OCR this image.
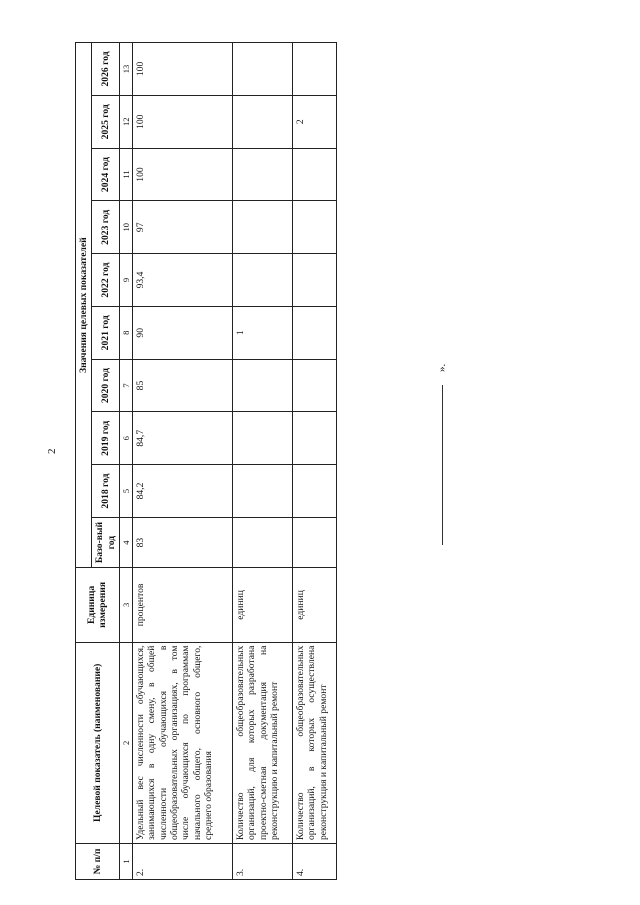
2
№ п/п	Целевой показатель (наименование)	Единица измерения	Значения целевых показателей									
			Базо-вый год	2018 год	2019 год	2020 год	2021 год	2022 год	2023 год	2024 год	2025 год	2026 год
1	2	3	4	5	6	7	8	9	10	11	12	13
2.	Удельный вес численности обучающихся, занимающихся в одну смену, в общей численности обучающихся в общеобразовательных организациях, в том числе обучающихся по программам начального общего, основного общего, среднего образования	процентов	83	84,2	84,7	85	90	93,4	97	100	100	100
3.	Количество общеобразовательных организаций, для которых разработана проектно-сметная документация на реконструкцию и капитальный ремонт	единиц					1					
4.	Количество общеобразовательных организаций, в которых осуществлена реконструкция и капитальный ремонт	единиц									2	
».
